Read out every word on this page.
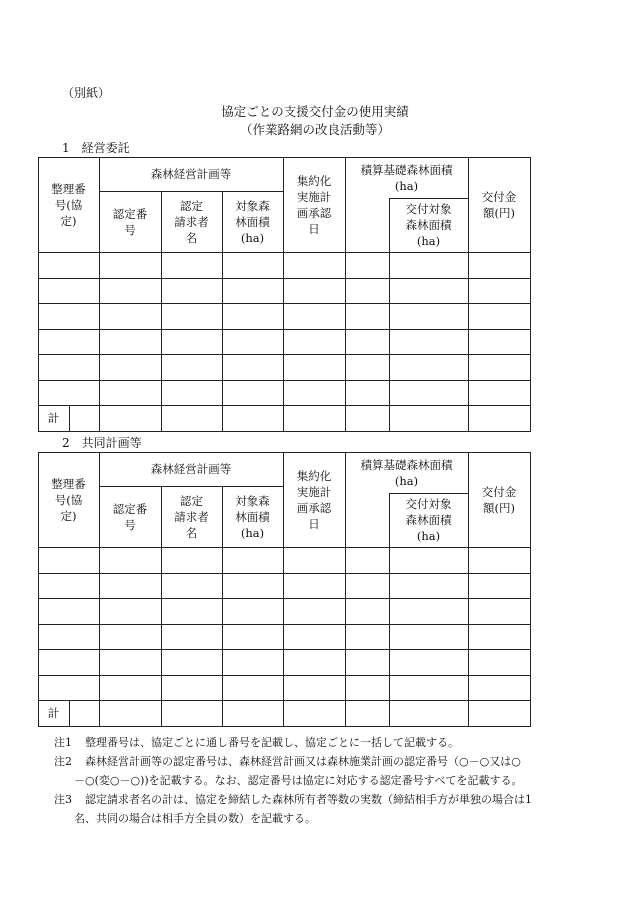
（別紙）
協定ごとの支援交付金の使用実績
（作業路網の改良活動等）
1　経営委託
整理番
号(協
定)
森林経営計画等
認定番
号
認定
請求者
名
対象森
林面積
(ha)
集約化
実施計
画承認
日
積算基礎森林面積
(ha)
交付対象
森林面積
(ha)
交付金
額(円)
計
2　共同計画等
整理番
号(協
定)
森林経営計画等
認定番
号
認定
請求者
名
対象森
林面積
(ha)
集約化
実施計
画承認
日
積算基礎森林面積
(ha)
交付対象
森林面積
(ha)
交付金
額(円)
計
注1 整理番号は、協定ごとに通し番号を記載し、協定ごとに一括して記載する。
注2 森林経営計画等の認定番号は、森林経営計画又は森林施業計画の認定番号（○－○又は○
－○(変○－○))を記載する。なお、認定番号は協定に対応する認定番号すべてを記載する。
注3 認定請求者名の計は、協定を締結した森林所有者等数の実数（締結相手方が単独の場合は1
名、共同の場合は相手方全員の数）を記載する。
